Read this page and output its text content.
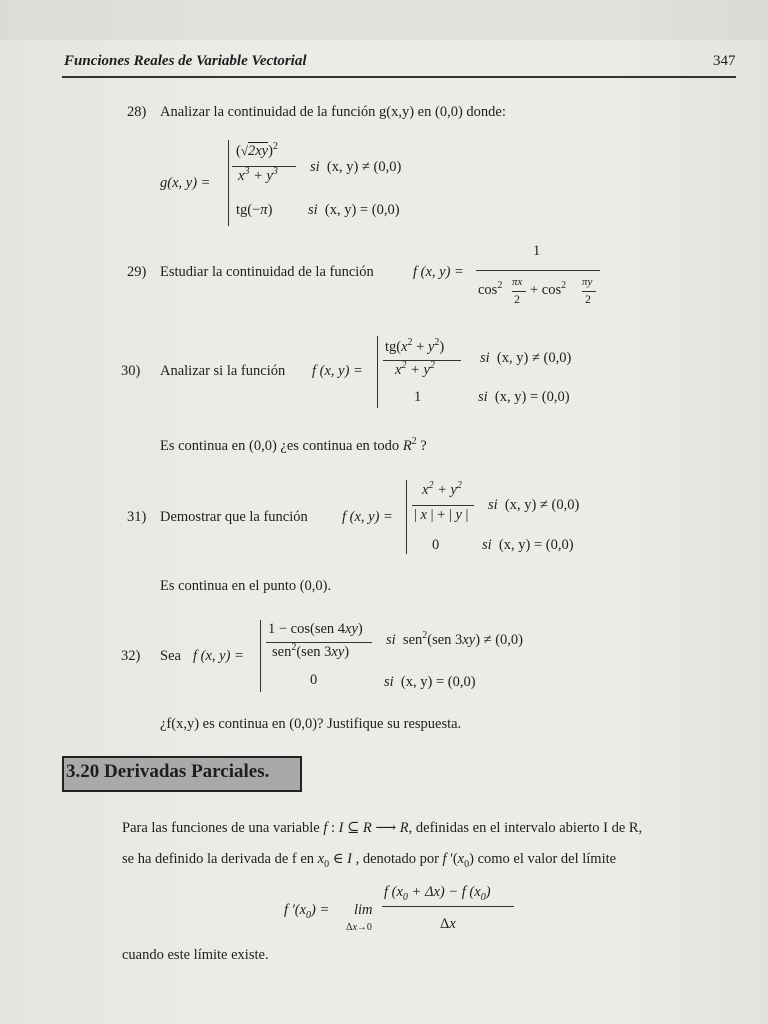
Funciones Reales de Variable Vectorial	347
28) Analizar la continuidad de la función g(x,y) en (0,0) donde:
g(x, y) =
$(√2xy)^2$
$x^3 + y^3$ si  (x, y) ≠ (0,0)
tg(−π) si  (x, y) = (0,0)
29) Estudiar la continuidad de la función	f (x, y) =
1
$\cos^2 \pi x$
2
+ $\cos^2 \pi y$
2
30) Analizar si la función f (x, y) =
$tg(x^2 + y^2)$
$x^2 + y^2$	si  (x, y) ≠ (0,0)
1	si  (x, y) = (0,0)
Es continua en (0,0) ¿es continua en todo $R^2$ ?
31) Demostrar que la función f (x, y) =
$x^2 + y^2$
| x | + | y |
si  (x, y) ≠ (0,0)
0	si  (x, y) = (0,0)
Es continua en el punto (0,0).
32) Sea f (x, y) =
1 − cos(sen 4xy)
sen$^2$(sen 3xy)
si  sen$^2$(sen 3xy) ≠ (0,0)
0	si  (x, y) = (0,0)
¿f(x,y) es continua en (0,0)? Justifique su respuesta.
3.20 Derivadas Parciales.
Para las funciones de una variable f : I ⊆ R ⟶ R, definidas en el intervalo abierto I de R,
se ha definido la derivada de f en $x_0$ ∈ I , denotado por f '$(x_0)$ como el valor del límite
f '$(x_0) = \lim$
Δx→0
f $(x_0 + \Delta x) - f$ $(x_0)$
Δx
cuando este límite existe.
